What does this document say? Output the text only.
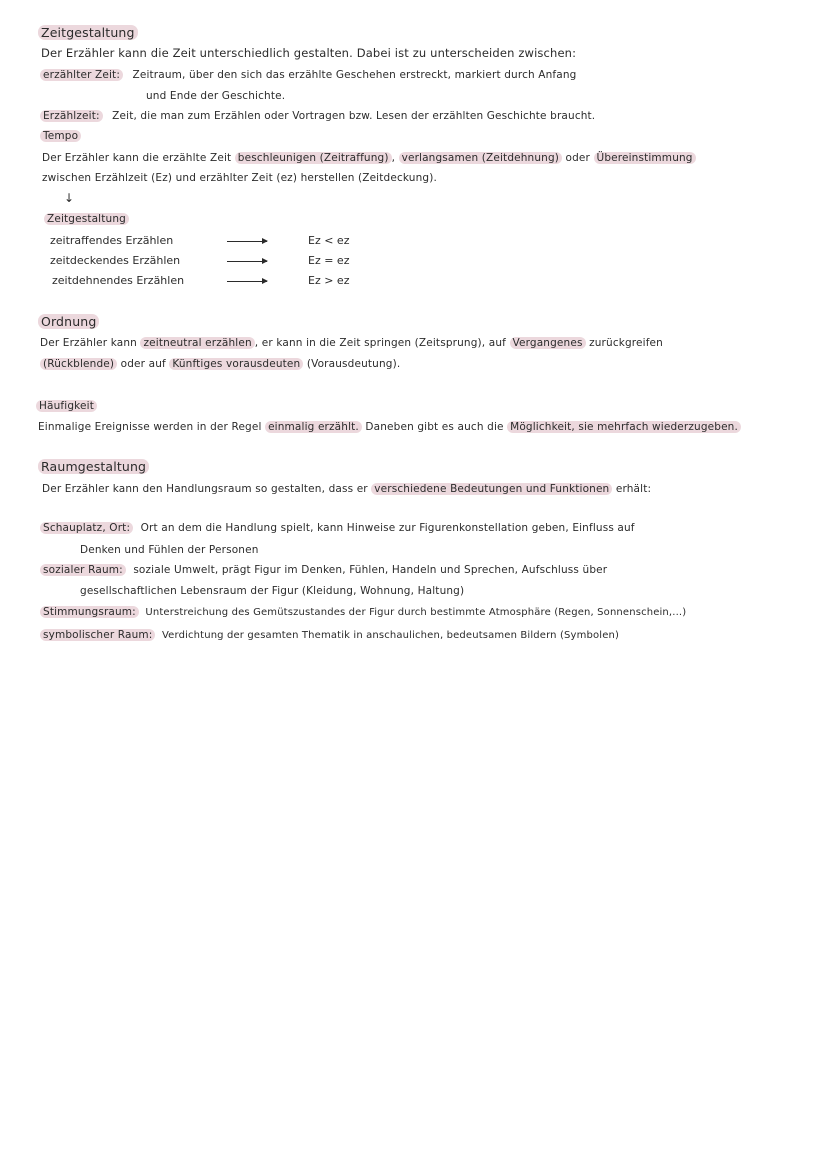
Zeitgestaltung
Der Erzähler kann die Zeit unterschiedlich gestalten. Dabei ist zu unterscheiden zwischen:
erzählter Zeit: Zeitraum, über den sich das erzählte Geschehen erstreckt, markiert durch Anfang
und Ende der Geschichte.
Erzählzeit: Zeit, die man zum Erzählen oder Vortragen bzw. Lesen der erzählten Geschichte braucht.
Tempo
Der Erzähler kann die erzählte Zeit beschleunigen (Zeitraffung) , verlangsamen (Zeitdehnung) oder Übereinstimmung
zwischen Erzählzeit (Ez) und erzählter Zeit (ez) herstellen (Zeitdeckung).
↓
Zeitgestaltung
zeitraffendes Erzählen	Ez < ez
zeitdeckendes Erzählen	Ez = ez
zeitdehnendes Erzählen	Ez > ez
Ordnung
Der Erzähler kann zeitneutral erzählen , er kann in die Zeit springen (Zeitsprung), auf Vergangenes zurückgreifen
(Rückblende) oder auf Künftiges vorausdeuten (Vorausdeutung).
Häufigkeit
Einmalige Ereignisse werden in der Regel einmalig erzählt. Daneben gibt es auch die Möglichkeit, sie mehrfach wiederzugeben.
Raumgestaltung
Der Erzähler kann den Handlungsraum so gestalten, dass er verschiedene Bedeutungen und Funktionen erhält:
Schauplatz, Ort: Ort an dem die Handlung spielt, kann Hinweise zur Figurenkonstellation geben, Einfluss auf
Denken und Fühlen der Personen
sozialer Raum: soziale Umwelt, prägt Figur im Denken, Fühlen, Handeln und Sprechen, Aufschluss über
gesellschaftlichen Lebensraum der Figur (Kleidung, Wohnung, Haltung)
Stimmungsraum: Unterstreichung des Gemütszustandes der Figur durch bestimmte Atmosphäre (Regen, Sonnenschein,...)
symbolischer Raum: Verdichtung der gesamten Thematik in anschaulichen, bedeutsamen Bildern (Symbolen)
